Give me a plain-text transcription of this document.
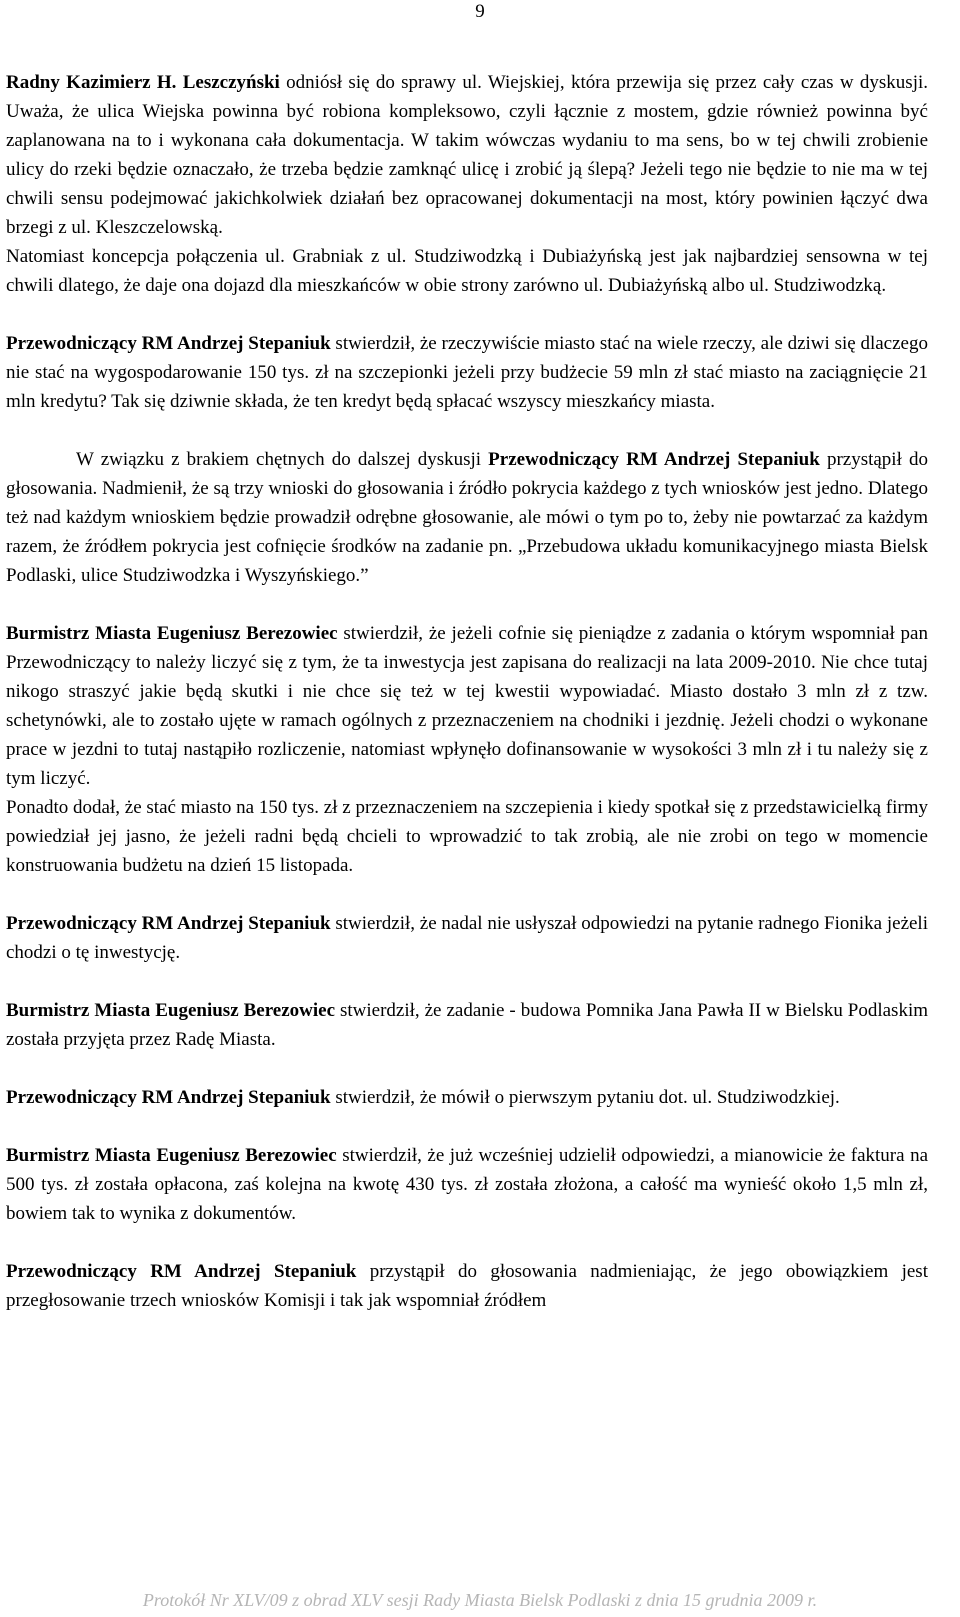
9

Radny Kazimierz H. Leszczyński odniósł się do sprawy ul. Wiejskiej, która przewija się przez cały czas w dyskusji. Uważa, że ulica Wiejska powinna być robiona kompleksowo, czyli łącznie z mostem, gdzie również powinna być zaplanowana na to i wykonana cała dokumentacja. W takim wówczas wydaniu to ma sens, bo w tej chwili zrobienie ulicy do rzeki będzie oznaczało, że trzeba będzie zamknąć ulicę i zrobić ją ślepą? Jeżeli tego nie będzie to nie ma w tej chwili sensu podejmować jakichkolwiek działań bez opracowanej dokumentacji na most, który powinien łączyć dwa brzegi z ul. Kleszczelowską.

Natomiast koncepcja połączenia ul. Grabniak z ul. Studziwodzką i Dubiażyńską jest jak najbardziej sensowna w tej chwili dlatego, że daje ona dojazd dla mieszkańców w obie strony zarówno ul. Dubiażyńską albo ul. Studziwodzką.

Przewodniczący RM Andrzej Stepaniuk stwierdził, że rzeczywiście miasto stać na wiele rzeczy, ale dziwi się dlaczego nie stać na wygospodarowanie 150 tys. zł na szczepionki jeżeli przy budżecie 59 mln zł stać miasto na zaciągnięcie 21 mln kredytu? Tak się dziwnie składa, że ten kredyt będą spłacać wszyscy mieszkańcy miasta.

W związku z brakiem chętnych do dalszej dyskusji Przewodniczący RM Andrzej Stepaniuk przystąpił do głosowania. Nadmienił, że są trzy wnioski do głosowania i źródło pokrycia każdego z tych wniosków jest jedno. Dlatego też nad każdym wnioskiem będzie prowadził odrębne głosowanie, ale mówi o tym po to, żeby nie powtarzać za każdym razem, że źródłem pokrycia jest cofnięcie środków na zadanie pn. „Przebudowa układu komunikacyjnego miasta Bielsk Podlaski, ulice Studziwodzka i Wyszyńskiego.”

Burmistrz Miasta Eugeniusz Berezowiec stwierdził, że jeżeli cofnie się pieniądze z zadania o którym wspomniał pan Przewodniczący to należy liczyć się z tym, że ta inwestycja jest zapisana do realizacji na lata 2009-2010. Nie chce tutaj nikogo straszyć jakie będą skutki i nie chce się też w tej kwestii wypowiadać. Miasto dostało 3 mln zł z tzw. schetynówki, ale to zostało ujęte w ramach ogólnych z przeznaczeniem na chodniki i jezdnię. Jeżeli chodzi o wykonane prace w jezdni to tutaj nastąpiło rozliczenie, natomiast wpłynęło dofinansowanie w wysokości 3 mln zł i tu należy się z tym liczyć.

Ponadto dodał, że stać miasto na 150 tys. zł z przeznaczeniem na szczepienia i kiedy spotkał się z przedstawicielką firmy powiedział jej jasno, że jeżeli radni będą chcieli to wprowadzić to tak zrobią, ale nie zrobi on tego w momencie konstruowania budżetu na dzień 15 listopada.

Przewodniczący RM Andrzej Stepaniuk stwierdził, że nadal nie usłyszał odpowiedzi na pytanie radnego Fionika jeżeli chodzi o tę inwestycję.

Burmistrz Miasta Eugeniusz Berezowiec stwierdził, że zadanie - budowa Pomnika Jana Pawła II w Bielsku Podlaskim została przyjęta przez Radę Miasta.

Przewodniczący RM Andrzej Stepaniuk stwierdził, że mówił o pierwszym pytaniu dot. ul. Studziwodzkiej.

Burmistrz Miasta Eugeniusz Berezowiec stwierdził, że już wcześniej udzielił odpowiedzi, a mianowicie że faktura na 500 tys. zł została opłacona, zaś kolejna na kwotę 430 tys. zł została złożona, a całość ma wynieść około 1,5 mln zł, bowiem tak to wynika z dokumentów.

Przewodniczący RM Andrzej Stepaniuk przystąpił do głosowania nadmieniając, że jego obowiązkiem jest przegłosowanie trzech wniosków Komisji i tak jak wspomniał źródłem

Protokół Nr XLV/09 z obrad XLV sesji Rady Miasta Bielsk Podlaski z dnia 15 grudnia 2009 r.
